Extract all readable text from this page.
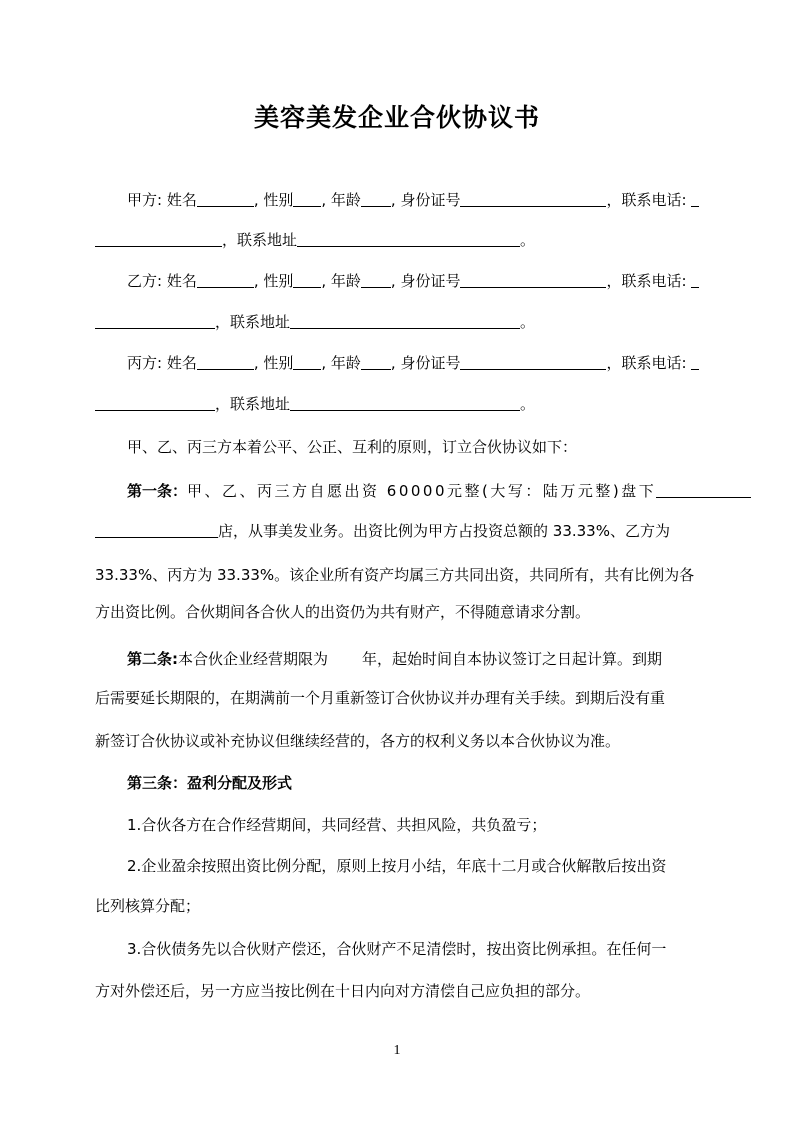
美容美发企业合伙协议书
甲方: 姓名	, 性别 , 年龄 , 身份证号	，联系电话:
，联系地址	。
乙方: 姓名	, 性别 , 年龄 , 身份证号	，联系电话:
，联系地址	。
丙方: 姓名	, 性别 , 年龄 , 身份证号	，联系电话:
，联系地址	。
甲、乙、丙三方本着公平、公正、互利的原则，订立合伙协议如下：
第一条：甲、乙、丙三方自愿出资 60000元整(大写：陆万元整)盘下
店，从事美发业务。出资比例为甲方占投资总额的 33.33%、乙方为
33.33%、丙方为 33.33%。该企业所有资产均属三方共同出资，共同所有，共有比例为各
方出资比例。合伙期间各合伙人的出资仍为共有财产，不得随意请求分割。
第二条:本合伙企业经营期限为 年，起始时间自本协议签订之日起计算。到期
后需要延长期限的，在期满前一个月重新签订合伙协议并办理有关手续。到期后没有重
新签订合伙协议或补充协议但继续经营的，各方的权利义务以本合伙协议为准。
第三条：盈利分配及形式
1.合伙各方在合作经营期间，共同经营、共担风险，共负盈亏；
2.企业盈余按照出资比例分配，原则上按月小结，年底十二月或合伙解散后按出资
比列核算分配；
3.合伙债务先以合伙财产偿还，合伙财产不足清偿时，按出资比例承担。在任何一
方对外偿还后，另一方应当按比例在十日内向对方清偿自己应负担的部分。
1
